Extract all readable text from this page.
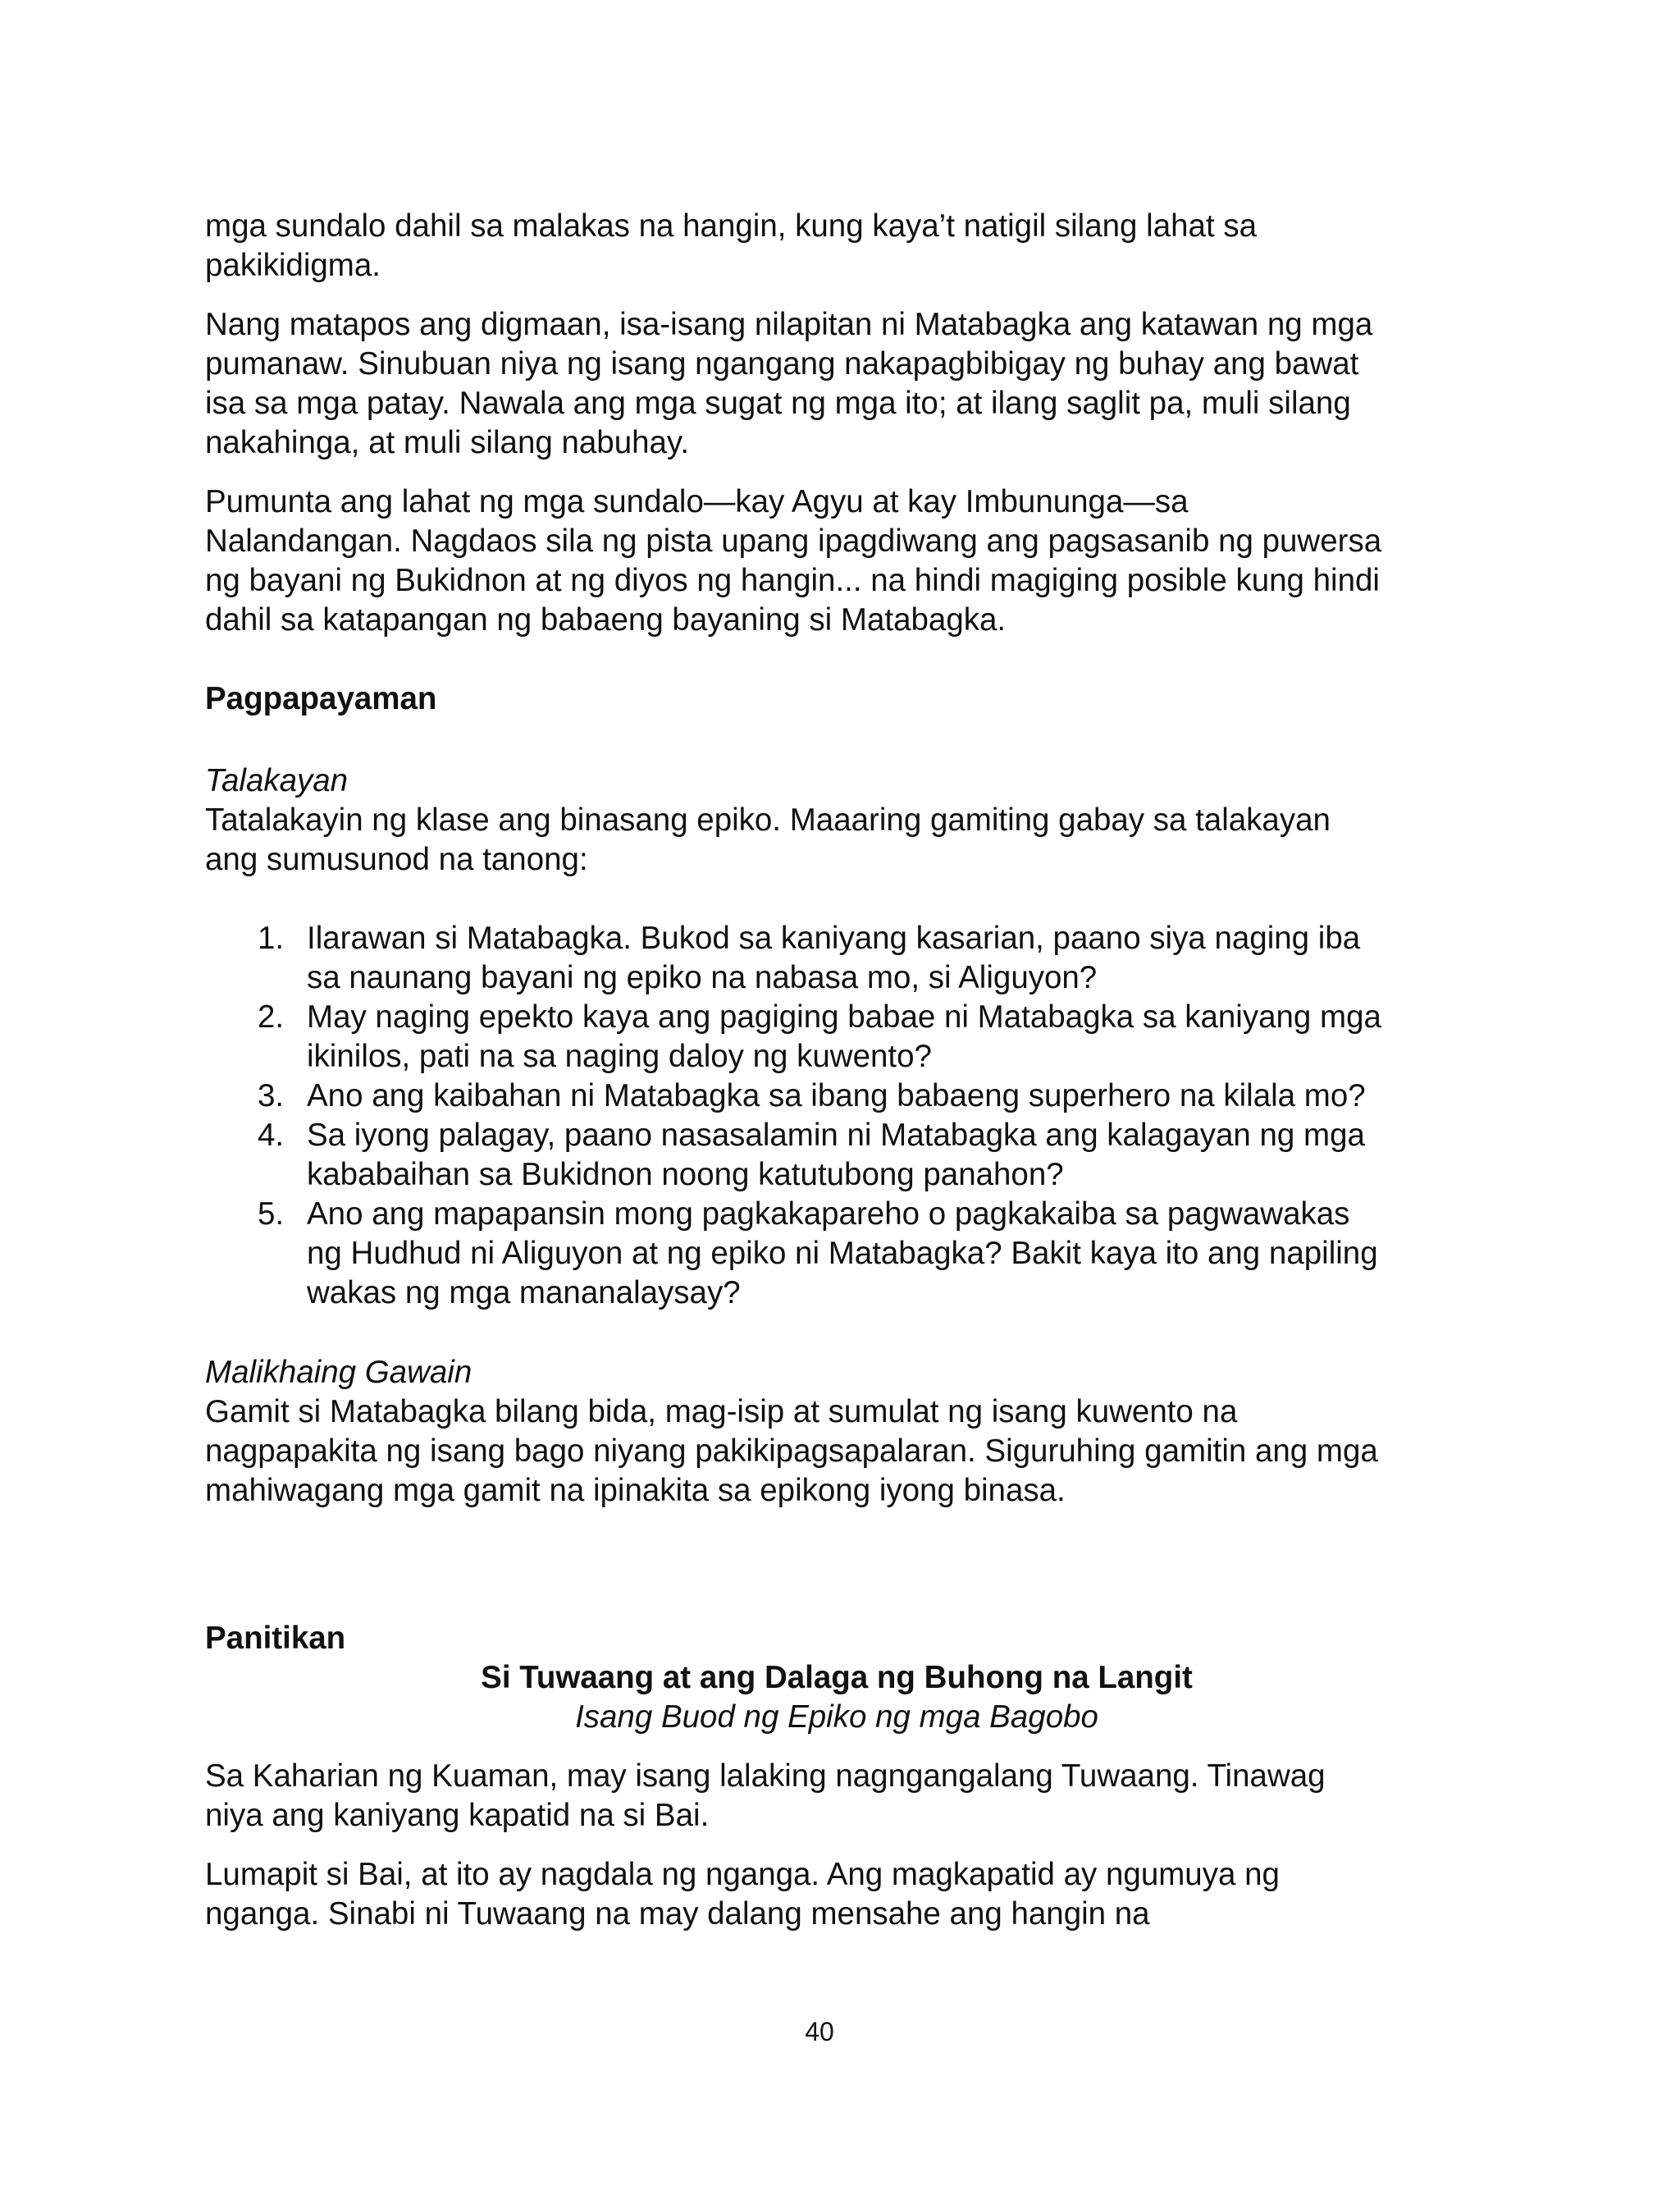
mga sundalo dahil sa malakas na hangin, kung kaya’t natigil silang lahat sa pakikidigma.

Nang matapos ang digmaan, isa-isang nilapitan ni Matabagka ang katawan ng mga pumanaw. Sinubuan niya ng isang ngangang nakapagbibigay ng buhay ang bawat isa sa mga patay. Nawala ang mga sugat ng mga ito; at ilang saglit pa, muli silang nakahinga, at muli silang nabuhay.

Pumunta ang lahat ng mga sundalo—kay Agyu at kay Imbununga—sa Nalandangan. Nagdaos sila ng pista upang ipagdiwang ang pagsasanib ng puwersa ng bayani ng Bukidnon at ng diyos ng hangin... na hindi magiging posible kung hindi dahil sa katapangan ng babaeng bayaning si Matabagka.

Pagpapayaman

Talakayan

Tatalakayin ng klase ang binasang epiko. Maaaring gamiting gabay sa talakayan ang sumusunod na tanong:

1. Ilarawan si Matabagka. Bukod sa kaniyang kasarian, paano siya naging iba sa naunang bayani ng epiko na nabasa mo, si Aliguyon?
2. May naging epekto kaya ang pagiging babae ni Matabagka sa kaniyang mga ikinilos, pati na sa naging daloy ng kuwento?
3. Ano ang kaibahan ni Matabagka sa ibang babaeng superhero na kilala mo?
4. Sa iyong palagay, paano nasasalamin ni Matabagka ang kalagayan ng mga kababaihan sa Bukidnon noong katutubong panahon?
5. Ano ang mapapansin mong pagkakapareho o pagkakaiba sa pagwawakas ng Hudhud ni Aliguyon at ng epiko ni Matabagka? Bakit kaya ito ang napiling wakas ng mga mananalaysay?

Malikhaing Gawain

Gamit si Matabagka bilang bida, mag-isip at sumulat ng isang kuwento na nagpapakita ng isang bago niyang pakikipagsapalaran. Siguruhing gamitin ang mga mahiwagang mga gamit na ipinakita sa epikong iyong binasa.

Panitikan

Si Tuwaang at ang Dalaga ng Buhong na Langit

Isang Buod ng Epiko ng mga Bagobo

Sa Kaharian ng Kuaman, may isang lalaking nagngangalang Tuwaang. Tinawag niya ang kaniyang kapatid na si Bai.

Lumapit si Bai, at ito ay nagdala ng nganga. Ang magkapatid ay ngumuya ng nganga. Sinabi ni Tuwaang na may dalang mensahe ang hangin na

40
